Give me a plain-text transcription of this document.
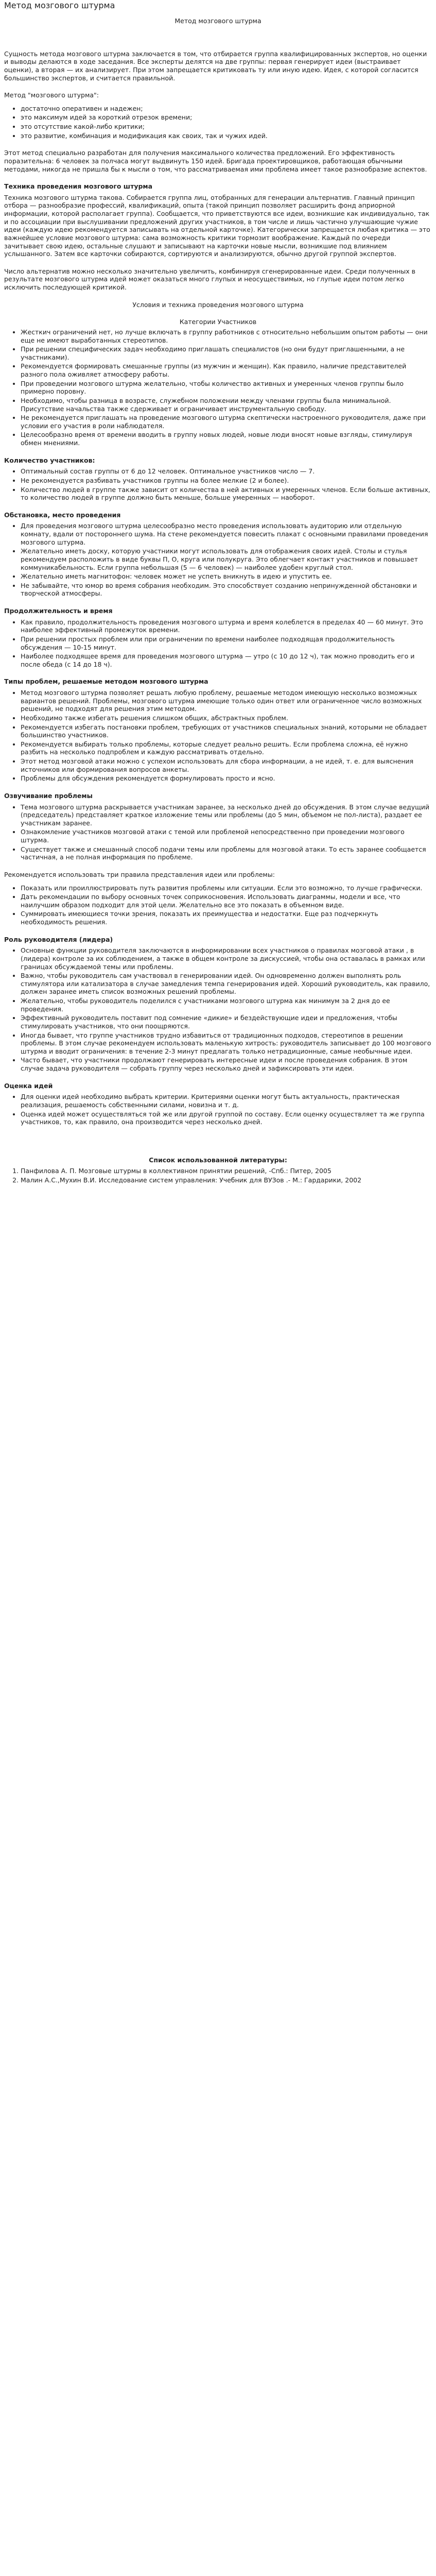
Метод мозгового штурма
Метод мозгового штурма

Сущность метода мозгового штурма заключается в том, что отбирается группа квалифицированных экспертов, но оценки и выводы делаются в ходе заседания. Все эксперты делятся на две группы: первая генерирует идеи (выстраивает оценки), а вторая — их анализирует. При этом запрещается критиковать ту или иную идею. Идея, с которой согласится большинство экспертов, и считается правильной.

Метод "мозгового штурма":

• достаточно оперативен и надежен;
• это максимум идей за короткий отрезок времени;
• это отсутствие какой-либо критики;
• это развитие, комбинация и модификация как своих, так и чужих идей.

Этот метод специально разработан для получения максимального количества предложений. Его эффективность поразительна: 6 человек за полчаса могут выдвинуть 150 идей. Бригада проектировщиков, работающая обычными методами, никогда не пришла бы к мысли о том, что рассматриваемая ими проблема имеет такое разнообразие аспектов.

Техника проведения мозгового штурма

Техника мозгового штурма такова. Собирается группа лиц, отобранных для генерации альтернатив. Главный принцип отбора — разнообразие профессий, квалификаций, опыта (такой принцип позволяет расширить фонд априорной информации, которой располагает группа). Сообщается, что приветствуются все идеи, возникшие как индивидуально, так и по ассоциации при выслушивании предложений других участников, в том числе и лишь частично улучшающие чужие идеи (каждую идею рекомендуется записывать на отдельной карточке). Категорически запрещается любая критика — это важнейшее условие мозгового штурма: сама возможность критики тормозит воображение. Каждый по очереди зачитывает свою идею, остальные слушают и записывают на карточки новые мысли, возникшие под влиянием услышанного. Затем все карточки собираются, сортируются и анализируются, обычно другой группой экспертов.

Число альтернатив можно несколько значительно увеличить, комбинируя сгенерированные идеи. Среди полученных в результате мозгового штурма идей может оказаться много глупых и неосуществимых, но глупые идеи потом легко исключить последующей критикой.

Условия и техника проведения мозгового штурма
Категории Участников
• Жесткич ограничений нет, но лучше включать в группу работников с относительно небольшим опытом работы — они еще не имеют выработанных стереотипов.
• При решении специфических задач необходимо приглашать специалистов (но они будут приглашенными, а не участниками).
• Рекомендуется формировать смешанные группы (из мужчин и женщин). Как правило, наличие представителей разного пола оживляет атмосферу работы.
• При проведении мозгового штурма желательно, чтобы количество активных и умеренных членов группы было примерно поровну.
• Необходимо, чтобы разница в возрасте, служебном положении между членами группы была минимальной. Присутствие начальства также сдерживает и ограничивает инструментальную свободу.
• Не рекомендуется приглашать на проведение мозгового штурма скептически настроенного руководителя, даже при условии его участия в роли наблюдателя.
• Целесообразно время от времени вводить в группу новых людей, новые люди вносят новые взгляды, стимулируя обмен мнениями.
Количество участников:
• Оптимальный состав группы от 6 до 12 человек. Оптимальное участников число — 7.
• Не рекомендуется разбивать участников группы на более мелкие (2 и более).
• Количество людей в группе также зависит от количества в ней активных и умеренных членов. Если больше активных, то количество людей в группе должно быть меньше, больше умеренных — наоборот.
Обстановка, место проведения
• Для проведения мозгового штурма целесообразно место проведения использовать аудиторию или отдельную комнату, вдали от постороннего шума. На стене рекомендуется повесить плакат с основными правилами проведения мозгового штурма.
• Желательно иметь доску, которую участники могут использовать для отображения своих идей. Столы и стулья рекомендуем расположить в виде буквы П, О, круга или полукруга. Это облегчает контакт участников и повышает коммуникабельность. Если группа небольшая (5 — 6 человек) — наиболее удобен круглый стол.
• Желательно иметь магнитофон: человек может не успеть вникнуть в идею и упустить ее.
• Не забывайте, что юмор во время собрания необходим. Это способствует созданию непринужденной обстановки и творческой атмосферы.
Продолжительность и время
• Как правило, продолжительность проведения мозгового штурма и время колеблется в пределах 40 — 60 минут. Это наиболее эффективный промежуток времени.
• При решении простых проблем или при ограничении по времени наиболее подходящая продолжительность обсуждения — 10-15 минут.
• Наиболее подходящее время для проведения мозгового штурма — утро (с 10 до 12 ч), так можно проводить его и после обеда (с 14 до 18 ч).
Типы проблем, решаемые методом мозгового штурма
• Метод мозгового штурма позволяет решать любую проблему, решаемые методом имеющую несколько возможных вариантов решений. Проблемы, мозгового штурма имеющие только один ответ или ограниченное число возможных решений, не подходят для решения этим методом.
• Необходимо также избегать решения слишком общих, абстрактных проблем.
• Рекомендуется избегать постановки проблем, требующих от участников специальных знаний, которыми не обладает большинство участников.
• Рекомендуется выбирать только проблемы, которые следует реально решить. Если проблема сложна, её нужно разбить на несколько подпроблем и каждую рассматривать отдельно.
• Этот метод мозговой атаки можно с успехом использовать для сбора информации, а не идей, т. е. для выяснения источников или формирования вопросов анкеты.
• Проблемы для обсуждения рекомендуется формулировать просто и ясно.
Озвучивание проблемы
• Тема мозгового штурма раскрывается участникам заранее, за несколько дней до обсуждения. В этом случае ведущий (председатель) представляет краткое изложение темы или проблемы (до 5 мин, объемом не пол-листа), раздает ее участникам заранее.
• Ознакомление участников мозговой атаки с темой или проблемой непосредственно при проведении мозгового штурма.
• Существует также и смешанный способ подачи темы или проблемы для мозговой атаки. То есть заранее сообщается частичная, а не полная информация по проблеме.

Рекомендуется использовать три правила представления идеи или проблемы:

• Показать или проиллюстрировать путь развития проблемы или ситуации. Если это возможно, то лучше графически.
• Дать рекомендации по выбору основных точек соприкосновения. Использовать диаграммы, модели и все, что наилучшим образом подходит для этой цели. Желательно все это показать в объемном виде.
• Суммировать имеющиеся точки зрения, показать их преимущества и недостатки. Еще раз подчеркнуть необходимость решения.
Роль руководителя (лидера)
• Основные функции руководителя заключаются в информировании всех участников о правилах мозговой атаки , в (лидера) контроле за их соблюдением, а также в общем контроле за дискуссией, чтобы она оставалась в рамках или границах обсуждаемой темы или проблемы.
• Важно, чтобы руководитель сам участвовал в генерировании идей. Он одновременно должен выполнять роль стимулятора или катализатора в случае замедления темпа генерирования идей. Хороший руководитель, как правило, должен заранее иметь список возможных решений проблемы.
• Желательно, чтобы руководитель поделился с участниками мозгового штурма как минимум за 2 дня до ее проведения.
• Эффективный руководитель поставит под сомнение «дикие» и бездействующие идеи и предложения, чтобы стимулировать участников, что они поощряются.
• Иногда бывает, что группе участников трудно избавиться от традиционных подходов, стереотипов в решении проблемы. В этом случае рекомендуем использовать маленькую хитрость: руководитель записывает до 100 мозгового штурма и вводит ограничения: в течение 2-3 минут предлагать только нетрадиционные, самые необычные идеи.
• Часто бывает, что участники продолжают генерировать интересные идеи и после проведения собрания. В этом случае задача руководителя — собрать группу через несколько дней и зафиксировать эти идеи.
Оценка идей
• Для оценки идей необходимо выбрать критерии. Критериями оценки могут быть актуальность, практическая реализация, решаемость собственными силами, новизна и т. д.
• Оценка идей может осуществляться той же или другой группой по составу. Если оценку осуществляет та же группа участников, то, как правило, она производится через несколько дней.
Список использованной литературы:
1. Панфилова А. П. Мозговые штурмы в коллективном принятии решений, -Спб.: Питер, 2005
2. Малин А.С.,Мухин В.И. Исследование систем управления: Учебник для ВУЗов .- М.: Гардарики, 2002
